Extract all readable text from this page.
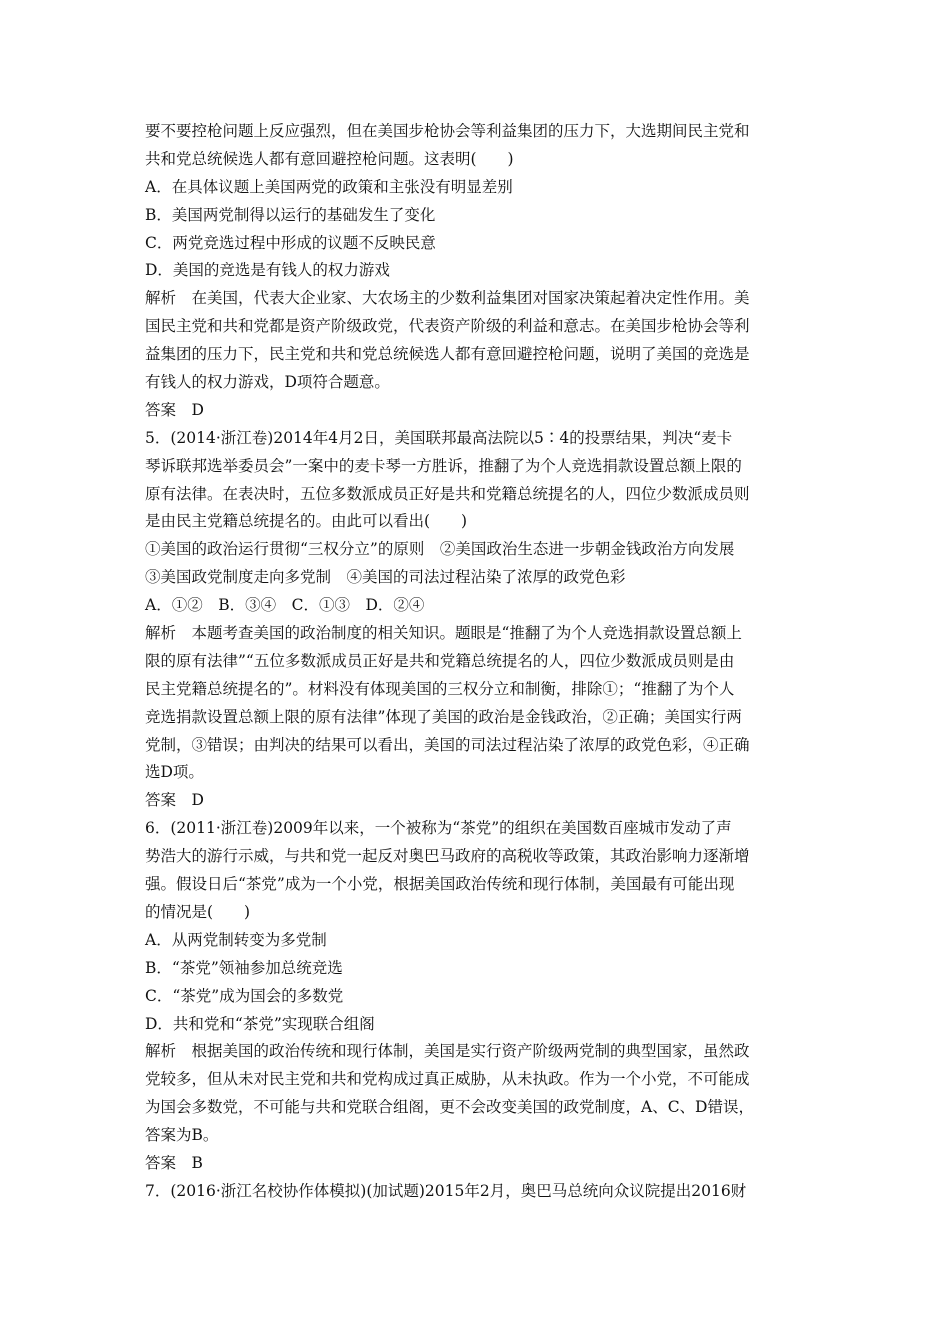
要不要控枪问题上反应强烈，但在美国步枪协会等利益集团的压力下，大选期间民主党和
共和党总统候选人都有意回避控枪问题。这表明(　　)
A．在具体议题上美国两党的政策和主张没有明显差别
B．美国两党制得以运行的基础发生了变化
C．两党竞选过程中形成的议题不反映民意
D．美国的竞选是有钱人的权力游戏
解析　在美国，代表大企业家、大农场主的少数利益集团对国家决策起着决定性作用。美
国民主党和共和党都是资产阶级政党，代表资产阶级的利益和意志。在美国步枪协会等利
益集团的压力下，民主党和共和党总统候选人都有意回避控枪问题，说明了美国的竞选是
有钱人的权力游戏，D项符合题意。
答案　D
5．(2014·浙江卷)2014年4月2日，美国联邦最高法院以5∶4的投票结果，判决“麦卡
琴诉联邦选举委员会”一案中的麦卡琴一方胜诉，推翻了为个人竞选捐款设置总额上限的
原有法律。在表决时，五位多数派成员正好是共和党籍总统提名的人，四位少数派成员则
是由民主党籍总统提名的。由此可以看出(　　)
①美国的政治运行贯彻“三权分立”的原则　②美国政治生态进一步朝金钱政治方向发展
③美国政党制度走向多党制　④美国的司法过程沾染了浓厚的政党色彩
A．①②　B．③④　C．①③　D．②④
解析　本题考查美国的政治制度的相关知识。题眼是“推翻了为个人竞选捐款设置总额上
限的原有法律”“五位多数派成员正好是共和党籍总统提名的人，四位少数派成员则是由
民主党籍总统提名的”。材料没有体现美国的三权分立和制衡，排除①；“推翻了为个人
竞选捐款设置总额上限的原有法律”体现了美国的政治是金钱政治，②正确；美国实行两
党制，③错误；由判决的结果可以看出，美国的司法过程沾染了浓厚的政党色彩，④正确
选D项。
答案　D
6．(2011·浙江卷)2009年以来，一个被称为“茶党”的组织在美国数百座城市发动了声
势浩大的游行示威，与共和党一起反对奥巴马政府的高税收等政策，其政治影响力逐渐增
强。假设日后“茶党”成为一个小党，根据美国政治传统和现行体制，美国最有可能出现
的情况是(　　)
A．从两党制转变为多党制
B．“茶党”领袖参加总统竞选
C．“茶党”成为国会的多数党
D．共和党和“茶党”实现联合组阁
解析　根据美国的政治传统和现行体制，美国是实行资产阶级两党制的典型国家，虽然政
党较多，但从未对民主党和共和党构成过真正威胁，从未执政。作为一个小党，不可能成
为国会多数党，不可能与共和党联合组阁，更不会改变美国的政党制度，A、C、D错误，
答案为B。
答案　B
7．(2016·浙江名校协作体模拟)(加试题)2015年2月，奥巴马总统向众议院提出2016财
